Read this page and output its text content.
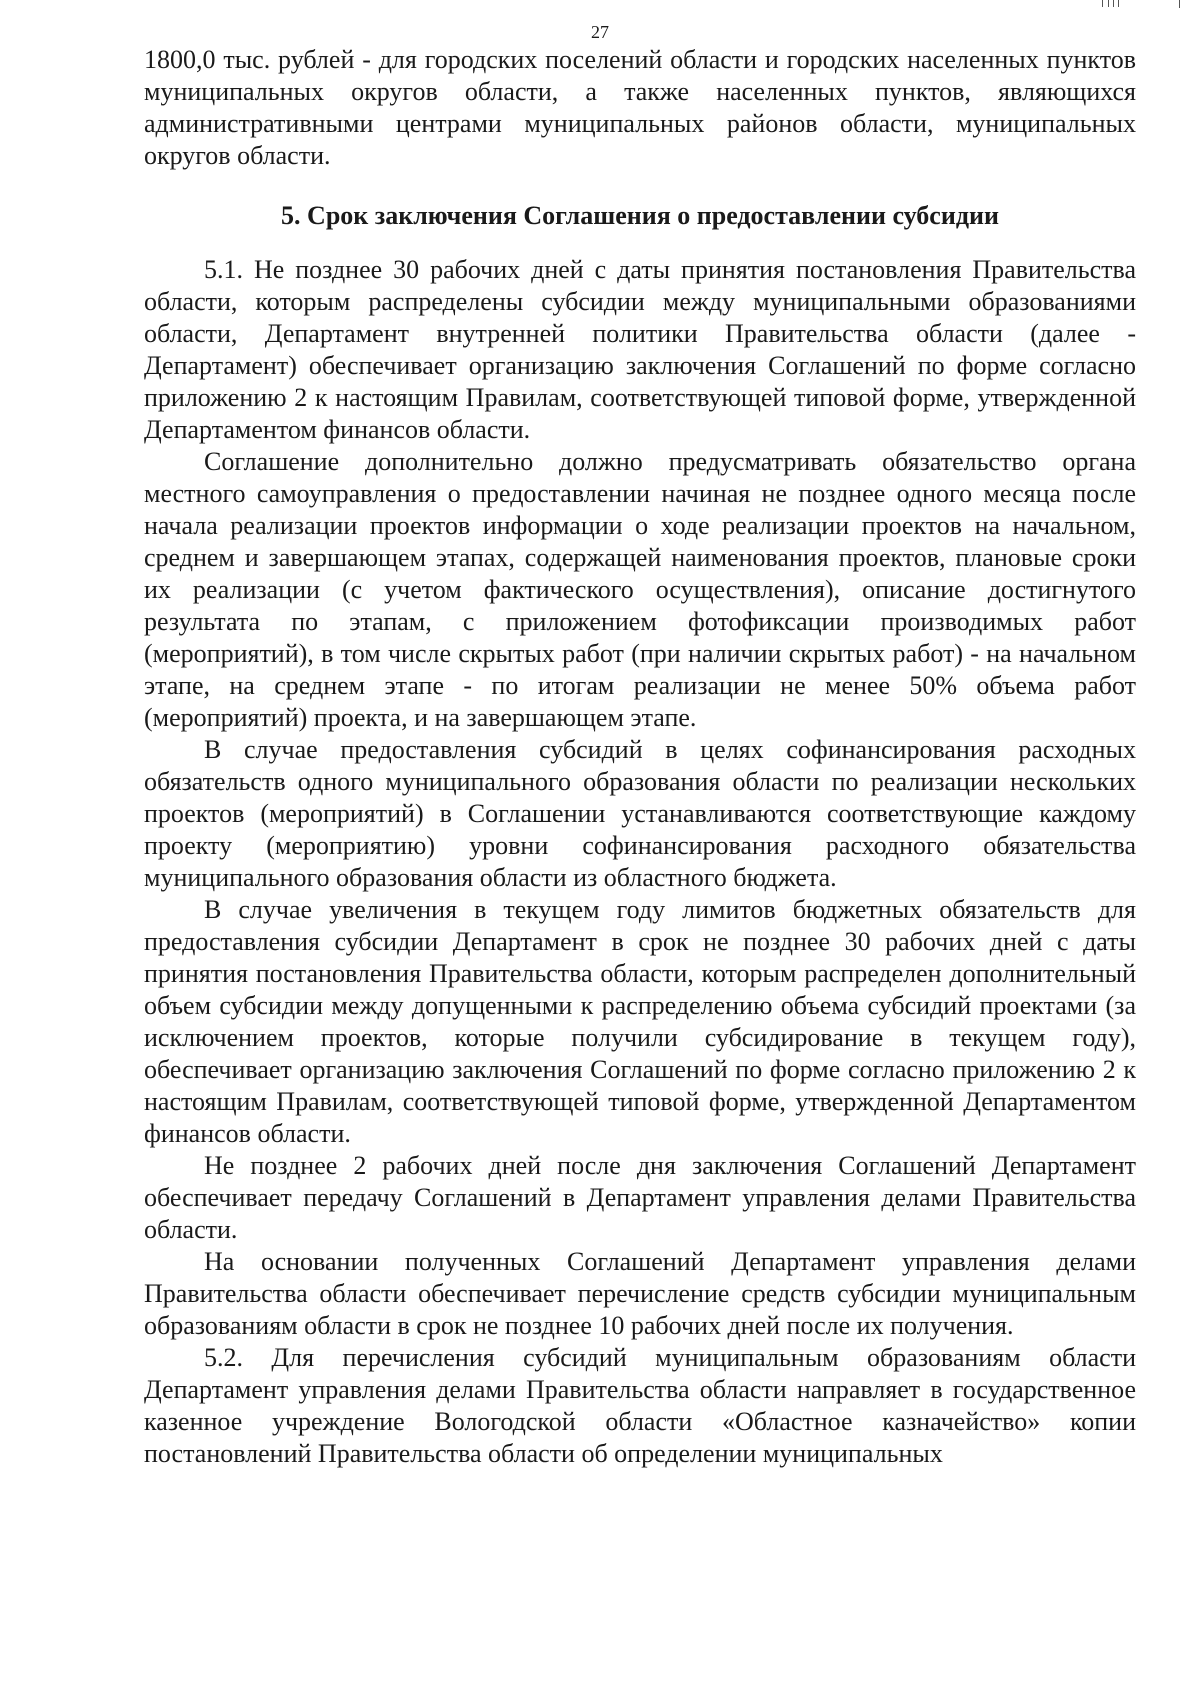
27

1800,0 тыс. рублей - для городских поселений области и городских населенных пунктов муниципальных округов области, а также населенных пунктов, являющихся административными центрами муниципальных районов области, муниципальных округов области.

5. Срок заключения Соглашения о предоставлении субсидии

5.1. Не позднее 30 рабочих дней с даты принятия постановления Правительства области, которым распределены субсидии между муниципальными образованиями области, Департамент внутренней политики Правительства области (далее - Департамент) обеспечивает организацию заключения Соглашений по форме согласно приложению 2 к настоящим Правилам, соответствующей типовой форме, утвержденной Департаментом финансов области.

Соглашение дополнительно должно предусматривать обязательство органа местного самоуправления о предоставлении начиная не позднее одного месяца после начала реализации проектов информации о ходе реализации проектов на начальном, среднем и завершающем этапах, содержащей наименования проектов, плановые сроки их реализации (с учетом фактического осуществления), описание достигнутого результата по этапам, с приложением фотофиксации производимых работ (мероприятий), в том числе скрытых работ (при наличии скрытых работ) - на начальном этапе, на среднем этапе - по итогам реализации не менее 50% объема работ (мероприятий) проекта, и на завершающем этапе.

В случае предоставления субсидий в целях софинансирования расходных обязательств одного муниципального образования области по реализации нескольких проектов (мероприятий) в Соглашении устанавливаются соответствующие каждому проекту (мероприятию) уровни софинансирования расходного обязательства муниципального образования области из областного бюджета.

В случае увеличения в текущем году лимитов бюджетных обязательств для предоставления субсидии Департамент в срок не позднее 30 рабочих дней с даты принятия постановления Правительства области, которым распределен дополнительный объем субсидии между допущенными к распределению объема субсидий проектами (за исключением проектов, которые получили субсидирование в текущем году), обеспечивает организацию заключения Соглашений по форме согласно приложению 2 к настоящим Правилам, соответствующей типовой форме, утвержденной Департаментом финансов области.

Не позднее 2 рабочих дней после дня заключения Соглашений Департамент обеспечивает передачу Соглашений в Департамент управления делами Правительства области.

На основании полученных Соглашений Департамент управления делами Правительства области обеспечивает перечисление средств субсидии муниципальным образованиям области в срок не позднее 10 рабочих дней после их получения.

5.2. Для перечисления субсидий муниципальным образованиям области Департамент управления делами Правительства области направляет в государственное казенное учреждение Вологодской области «Областное казначейство» копии постановлений Правительства области об определении муниципальных
